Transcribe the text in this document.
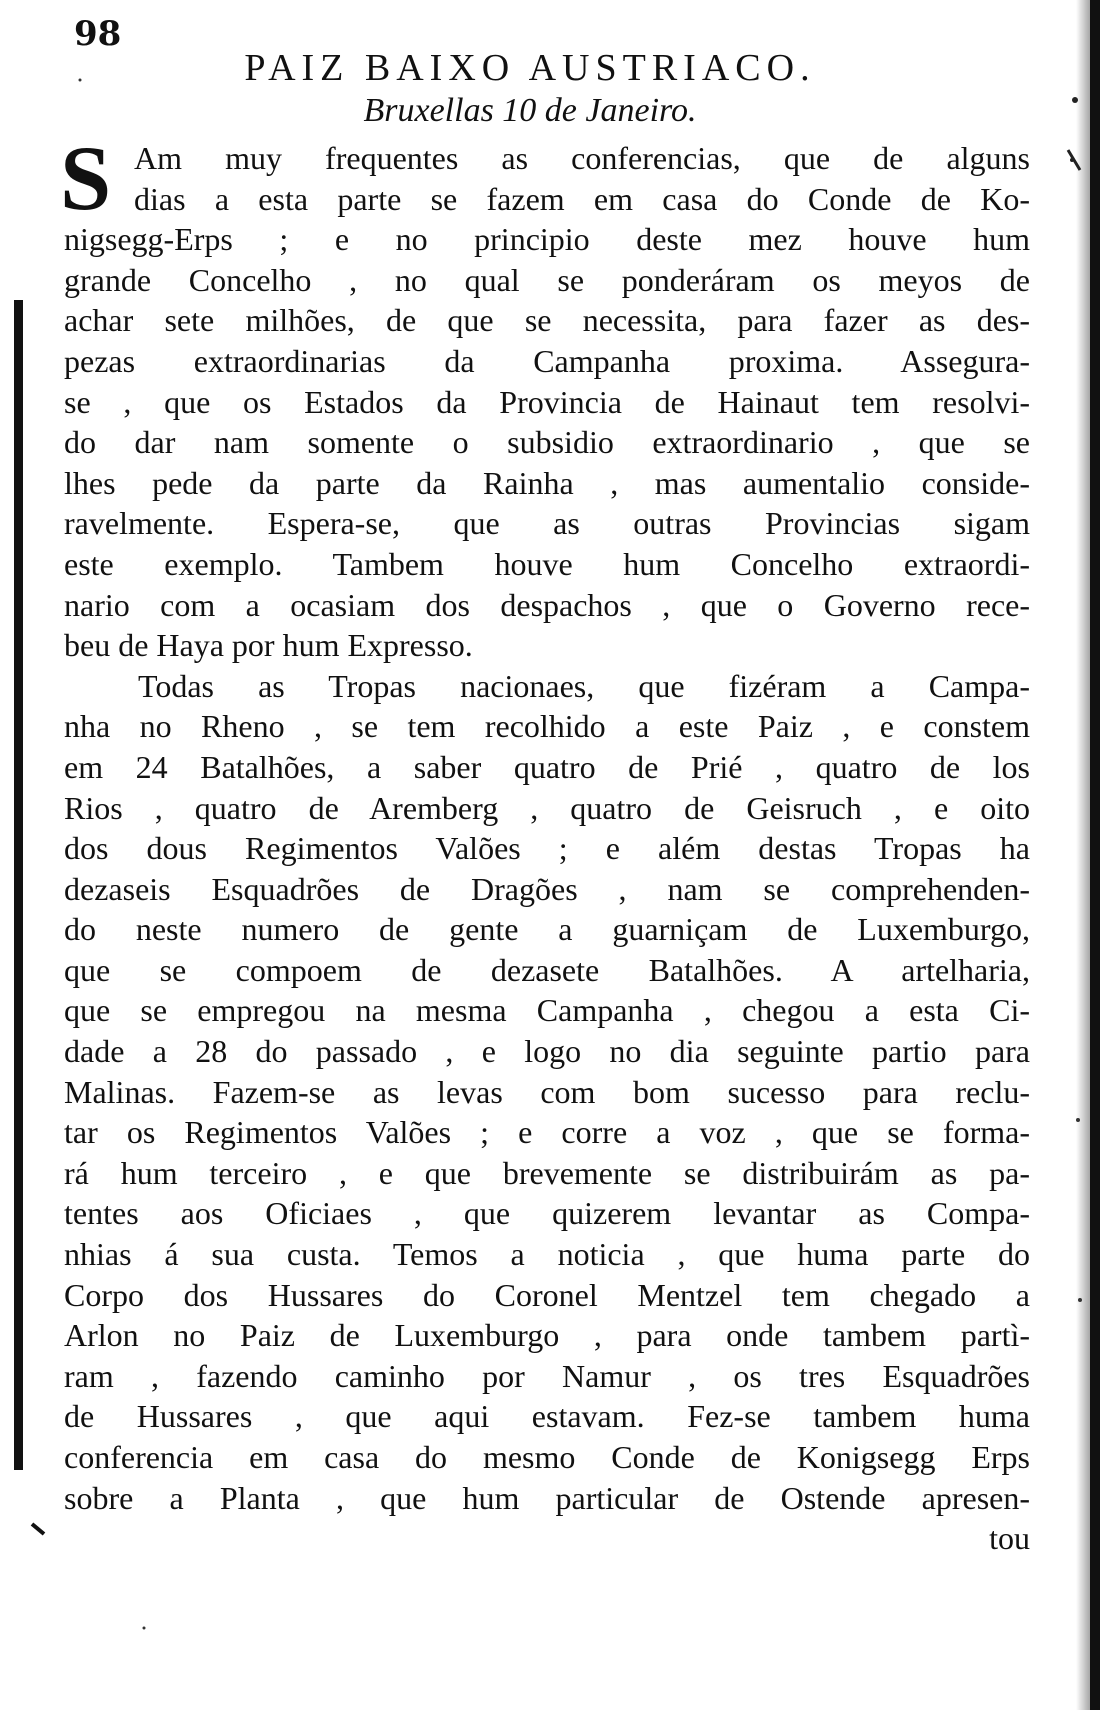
98
PAIZ BAIXO AUSTRIACO.
Bruxellas 10 de Janeiro.
S Am muy frequentes as conferencias, que de alguns
dias a esta parte se fazem em casa do Conde de Ko-
nigsegg-Erps ; e no principio deste mez houve hum
grande Concelho , no qual se ponderáram os meyos de
achar sete milhões, de que se necessita, para fazer as des-
pezas extraordinarias da Campanha proxima. Assegura-
se , que os Estados da Provincia de Hainaut tem resolvi-
do dar nam somente o subsidio extraordinario , que se
lhes pede da parte da Rainha , mas aumentalio conside-
ravelmente. Espera-se, que as outras Provincias sigam
este exemplo. Tambem houve hum Concelho extraordi-
nario com a ocasiam dos despachos , que o Governo rece-
beu de Haya por hum Expresso.
Todas as Tropas nacionaes, que fizéram a Campa-
nha no Rheno , se tem recolhido a este Paiz , e constem
em 24 Batalhões, a saber quatro de Prié , quatro de los
Rios , quatro de Aremberg , quatro de Geisruch , e oito
dos dous Regimentos Valões ; e além destas Tropas ha
dezaseis Esquadrões de Dragões , nam se comprehenden-
do neste numero de gente a guarniçam de Luxemburgo,
que se compoem de dezasete Batalhões. A artelharia,
que se empregou na mesma Campanha , chegou a esta Ci-
dade a 28 do passado , e logo no dia seguinte partio para
Malinas. Fazem-se as levas com bom sucesso para reclu-
tar os Regimentos Valões ; e corre a voz , que se forma-
rá hum terceiro , e que brevemente se distribuirám as pa-
tentes aos Oficiaes , que quizerem levantar as Compa-
nhias á sua custa. Temos a noticia , que huma parte do
Corpo dos Hussares do Coronel Mentzel tem chegado a
Arlon no Paiz de Luxemburgo , para onde tambem partì-
ram , fazendo caminho por Namur , os tres Esquadrões
de Hussares , que aqui estavam. Fez-se tambem huma
conferencia em casa do mesmo Conde de Konigsegg Erps
sobre a Planta , que hum particular de Ostende apresen-
tou
